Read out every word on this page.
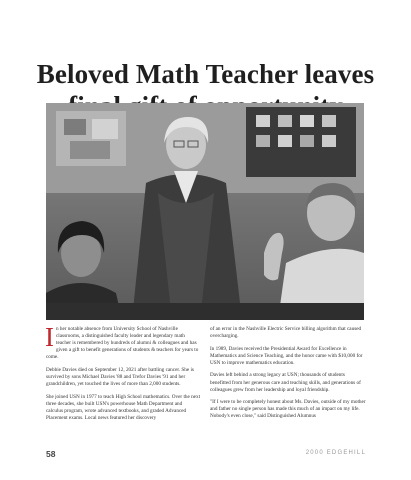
Beloved Math Teacher leaves

In her notable absence from University School of Nashville classrooms, a distinguished faculty leader and legendary math teacher is remembered by hundreds of alumni & colleagues and has given a gift to benefit generations of students & teachers for years to come.

Debbie Davies died on September 12, 2021 after battling cancer. She is survived by sons Michael Davies '88 and Trefor Davies '91 and her grandchildren, yet touched the lives of more than 2,000 students.

She joined USN in 1977 to teach High School mathematics. Over the next three decades, she built USN's powerhouse Math Department and calculus program, wrote advanced textbooks, and graded Advanced Placement exams. Local news featured her discovery

of an error in the Nashville Electric Service billing algorithm that caused overcharging.

In 1989, Davies received the Presidential Award for Excellence in Mathematics and Science Teaching, and the honor came with $10,000 for USN to improve mathematics education.

Davies left behind a strong legacy at USN; thousands of students benefitted from her generous care and teaching skills, and generations of colleagues grew from her leadership and loyal friendship.

"If I were to be completely honest about Ms. Davies, outside of my mother and father no single person has made this much of an impact on my life. Nobody's even close," said Distinguished Alumnus

58	2000 EDGEHILL
